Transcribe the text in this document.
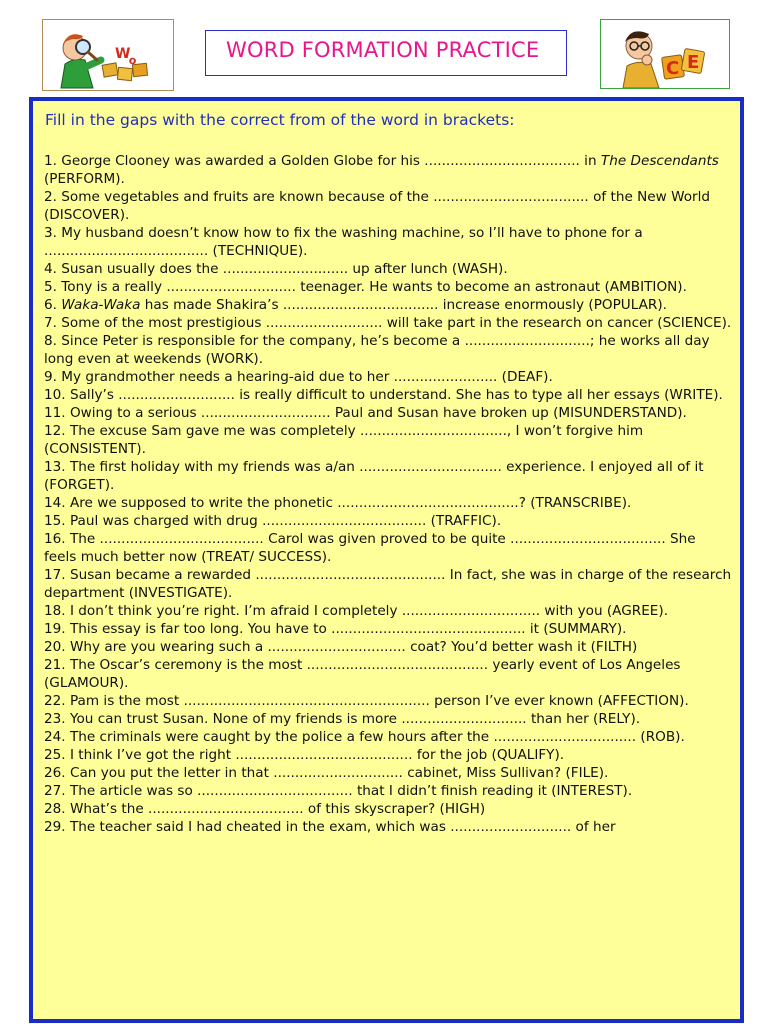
W
o	WORD FORMATION PRACTICE
C E
Fill in the gaps with the correct from of the word in brackets:

1. George Clooney was awarded a Golden Globe for his .................................... in The Descendants (PERFORM).

2. Some vegetables and fruits are known because of the .................................... of the New World (DISCOVER).

3. My husband doesn’t know how to fix the washing machine, so I’ll have to phone for a ...................................... (TECHNIQUE).

4. Susan usually does the ............................. up after lunch (WASH).

5. Tony is a really .............................. teenager. He wants to become an astronaut (AMBITION).

6. Waka-Waka has made Shakira’s .................................... increase enormously (POPULAR).

7. Some of the most prestigious ........................... will take part in the research on cancer (SCIENCE).

8. Since Peter is responsible for the company, he’s become a .............................; he works all day long even at weekends (WORK).

9. My grandmother needs a hearing-aid due to her ........................ (DEAF).

10. Sally’s ........................... is really difficult to understand. She has to type all her essays (WRITE).

11. Owing to a serious .............................. Paul and Susan have broken up (MISUNDERSTAND).

12. The excuse Sam gave me was completely .................................., I won’t forgive him (CONSISTENT).

13. The first holiday with my friends was a/an ................................. experience. I enjoyed all of it (FORGET).

14. Are we supposed to write the phonetic ..........................................? (TRANSCRIBE).

15. Paul was charged with drug ...................................... (TRAFFIC).

16. The ...................................... Carol was given proved to be quite .................................... She feels much better now (TREAT/ SUCCESS).

17. Susan became a rewarded ............................................ In fact, she was in charge of the research department (INVESTIGATE).

18. I don’t think you’re right. I’m afraid I completely ................................ with you (AGREE).

19. This essay is far too long. You have to ............................................. it (SUMMARY).

20. Why are you wearing such a ................................ coat? You’d better wash it (FILTH)

21. The Oscar’s ceremony is the most .......................................... yearly event of Los Angeles (GLAMOUR).

22. Pam is the most ......................................................... person I’ve ever known (AFFECTION).

23. You can trust Susan. None of my friends is more ............................. than her (RELY).

24. The criminals were caught by the police a few hours after the ................................. (ROB).

25. I think I’ve got the right ......................................... for the job (QUALIFY).

26. Can you put the letter in that .............................. cabinet, Miss Sullivan? (FILE).

27. The article was so .................................... that I didn’t finish reading it (INTEREST).

28. What’s the .................................... of this skyscraper? (HIGH)

29. The teacher said I had cheated in the exam, which was ............................ of her
